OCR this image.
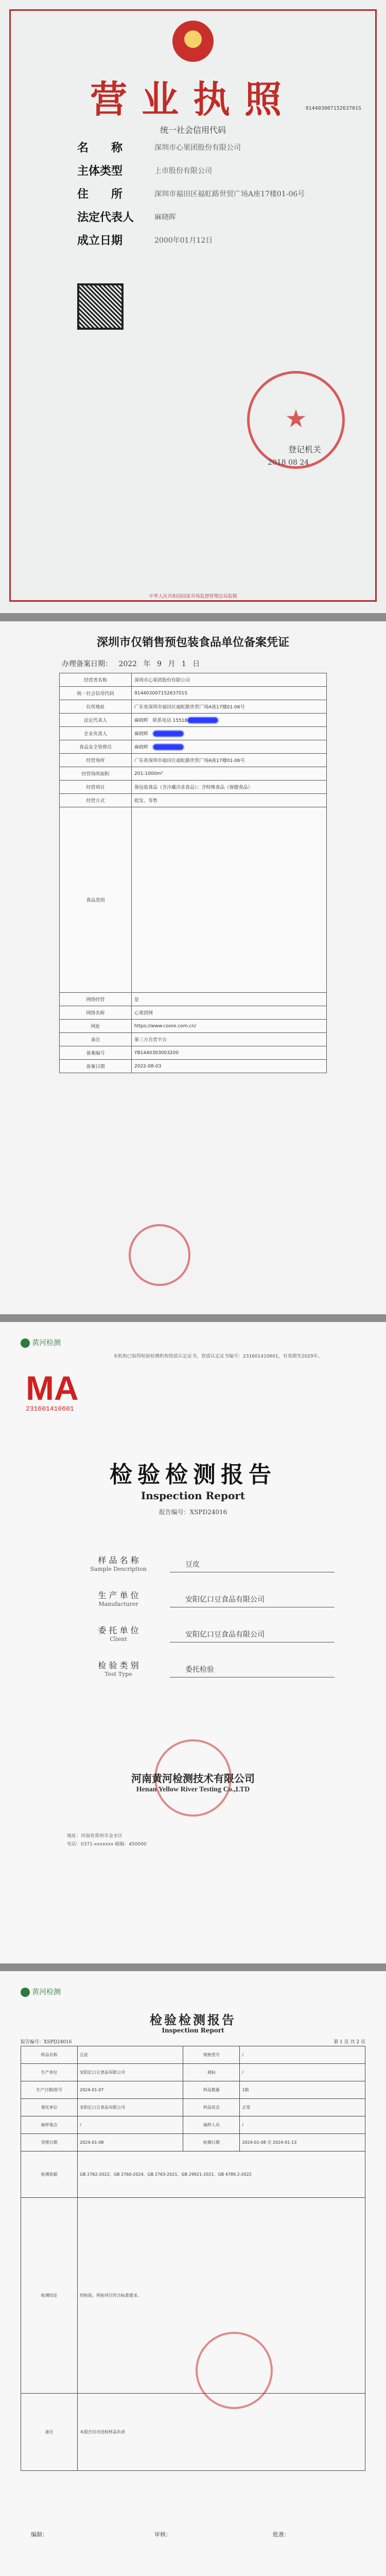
★
91440300715263701S
营业执照
统一社会信用代码
名　　称	深圳市心果团股份有限公司
主体类型	上市股份有限公司
住　　所	深圳市福田区福虹路世贸广场A座17楼01-06号
法定代表人	麻晓晖
成立日期	2000年01月12日
★
登记机关
2018 08 24
中华人民共和国国家市场监督管理总局监制
深圳市仅销售预包装食品单位备案凭证
办理备案日期： 2022 年 9 月 1 日
经营者名称	深圳市心果团股份有限公司
统一社会信用代码	91440300715263701S
住所地址	广东省深圳市福田区福虹路世贸广场A座17楼01-06号
法定代表人	麻晓晖 联系电话 15518
企业负责人	麻晓晖
食品安全管理员	麻晓晖
经营场所	广东省深圳市福田区福虹路世贸广场A座17楼01-06号
经营场所面积	201-1000m²
经营项目	预包装食品（含冷藏冷冻食品）；含特殊食品（保健食品）
经营方式	批发、零售
食品类别	
网络经营	是
网络名称	心果团网
网址	https://www.coore.com.cn/
备注	第三方自营平台
备案编号	YB1440303003200
备案日期	2022-08-03
黄河检测
本机构已取得检验检测机构资质认定证书，资质认定证书编号：231601410601，有效期至2029年。
MA
231601410601
检验检测报告
Inspection Report
报告编号：XSPD24016
样 品 名 称
Sample Description
豆皮
生 产 单 位
Manufacturer
安阳亿口豆食品有限公司
委 托 单 位
Client
安阳亿口豆食品有限公司
检 验 类 别
Test Type
委托检验
河南黄河检测技术有限公司
Henan Yellow River Testing Co.,LTD
地址：河南省郑州市金水区
电话：0371-xxxxxxx 邮编：450000
黄河检测
检验检测报告
Inspection Report
报告编号：XSPD24016	第 1 页 共 2 页
样品名称	豆皮	规格型号	/
生产单位	安阳亿口豆食品有限公司	商标	/
生产日期/批号	2024-01-07	样品数量	1箱
委托单位	安阳亿口豆食品有限公司	样品状态	正常
抽样地点	/	抽样人员	/
受理日期	2024-01-08	检测日期	2024-01-08 至 2024-01-13
检测依据	GB 2762-2022、GB 2760-2024、GB 2763-2021、GB 29921-2021、GB 4789.2-2022		
检测结论	经检验，所检项目符合标准要求。		
备注	本报告仅对送检样品负责		
编制：	审核：	批准：
